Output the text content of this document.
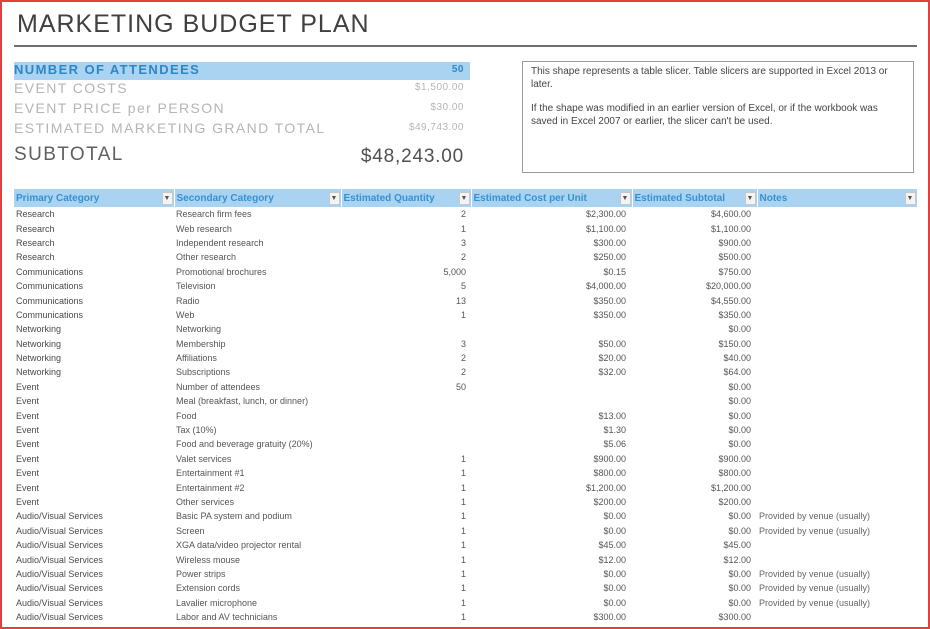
MARKETING BUDGET PLAN
NUMBER OF ATTENDEES	50
EVENT COSTS	$1,500.00
EVENT PRICE per PERSON	$30.00
ESTIMATED MARKETING GRAND TOTAL	$49,743.00
SUBTOTAL	$48,243.00

This shape represents a table slicer. Table slicers are supported in Excel 2013 or later.

If the shape was modified in an earlier version of Excel, or if the workbook was saved in Excel 2007 or earlier, the slicer can't be used.

Primary Category ▼	Secondary Category ▼	Estimated Quantity ▼	Estimated Cost per Unit ▼	Estimated Subtotal ▼	Notes ▼

Research	Research firm fees	2	$2,300.00	$4,600.00	
Research	Web research	1	$1,100.00	$1,100.00	
Research	Independent research	3	$300.00	$900.00	
Research	Other research	2	$250.00	$500.00	
Communications	Promotional brochures	5,000	$0.15	$750.00	
Communications	Television	5	$4,000.00	$20,000.00	
Communications	Radio	13	$350.00	$4,550.00	
Communications	Web	1	$350.00	$350.00	
Networking	Networking			$0.00	
Networking	Membership	3	$50.00	$150.00	
Networking	Affiliations	2	$20.00	$40.00	
Networking	Subscriptions	2	$32.00	$64.00	
Event	Number of attendees	50		$0.00	
Event	Meal (breakfast, lunch, or dinner)			$0.00	
Event	Food		$13.00	$0.00	
Event	Tax (10%)		$1.30	$0.00	
Event	Food and beverage gratuity (20%)		$5.06	$0.00	
Event	Valet services	1	$900.00	$900.00	
Event	Entertainment #1	1	$800.00	$800.00	
Event	Entertainment #2	1	$1,200.00	$1,200.00	
Event	Other services	1	$200.00	$200.00	
Audio/Visual Services	Basic PA system and podium	1	$0.00	$0.00	Provided by venue (usually)
Audio/Visual Services	Screen	1	$0.00	$0.00	Provided by venue (usually)
Audio/Visual Services	XGA data/video projector rental	1	$45.00	$45.00	
Audio/Visual Services	Wireless mouse	1	$12.00	$12.00	
Audio/Visual Services	Power strips	1	$0.00	$0.00	Provided by venue (usually)
Audio/Visual Services	Extension cords	1	$0.00	$0.00	Provided by venue (usually)
Audio/Visual Services	Lavalier microphone	1	$0.00	$0.00	Provided by venue (usually)
Audio/Visual Services	Labor and AV technicians	1	$300.00	$300.00	
